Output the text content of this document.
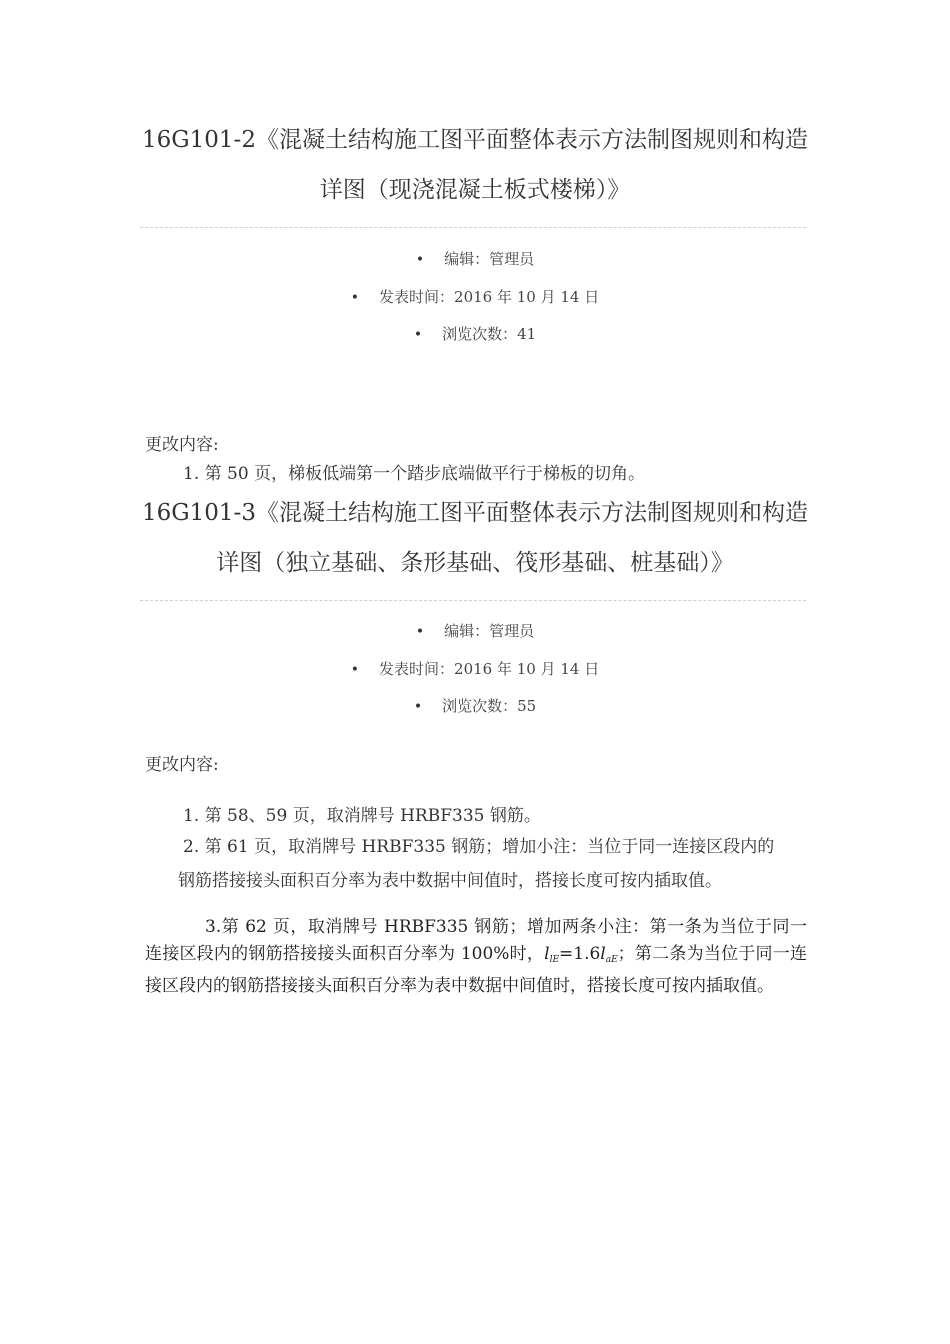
16G101-2《混凝土结构施工图平面整体表示方法制图规则和构造
详图（现浇混凝土板式楼梯）》
• 编辑：管理员
• 发表时间：2016 年 10 月 14 日
• 浏览次数：41

更改内容:

1. 第 50 页，梯板低端第一个踏步底端做平行于梯板的切角。

16G101-3《混凝土结构施工图平面整体表示方法制图规则和构造
详图（独立基础、条形基础、筏形基础、桩基础）》
• 编辑：管理员
• 发表时间：2016 年 10 月 14 日
• 浏览次数：55

更改内容:

1. 第 58、59 页，取消牌号 HRBF335 钢筋。

2. 第 61 页，取消牌号 HRBF335 钢筋；增加小注：当位于同一连接区段内的

钢筋搭接接头面积百分率为表中数据中间值时，搭接长度可按内插取值。

3.第 62 页，取消牌号 HRBF335 钢筋；增加两条小注：第一条为当位于同一连接区段内的钢筋搭接接头面积百分率为 100%时，$l_{lE}=1.6l_{aE}$；第二条为当位于同一连接区段内的钢筋搭接接头面积百分率为表中数据中间值时，搭接长度可按内插取值。
